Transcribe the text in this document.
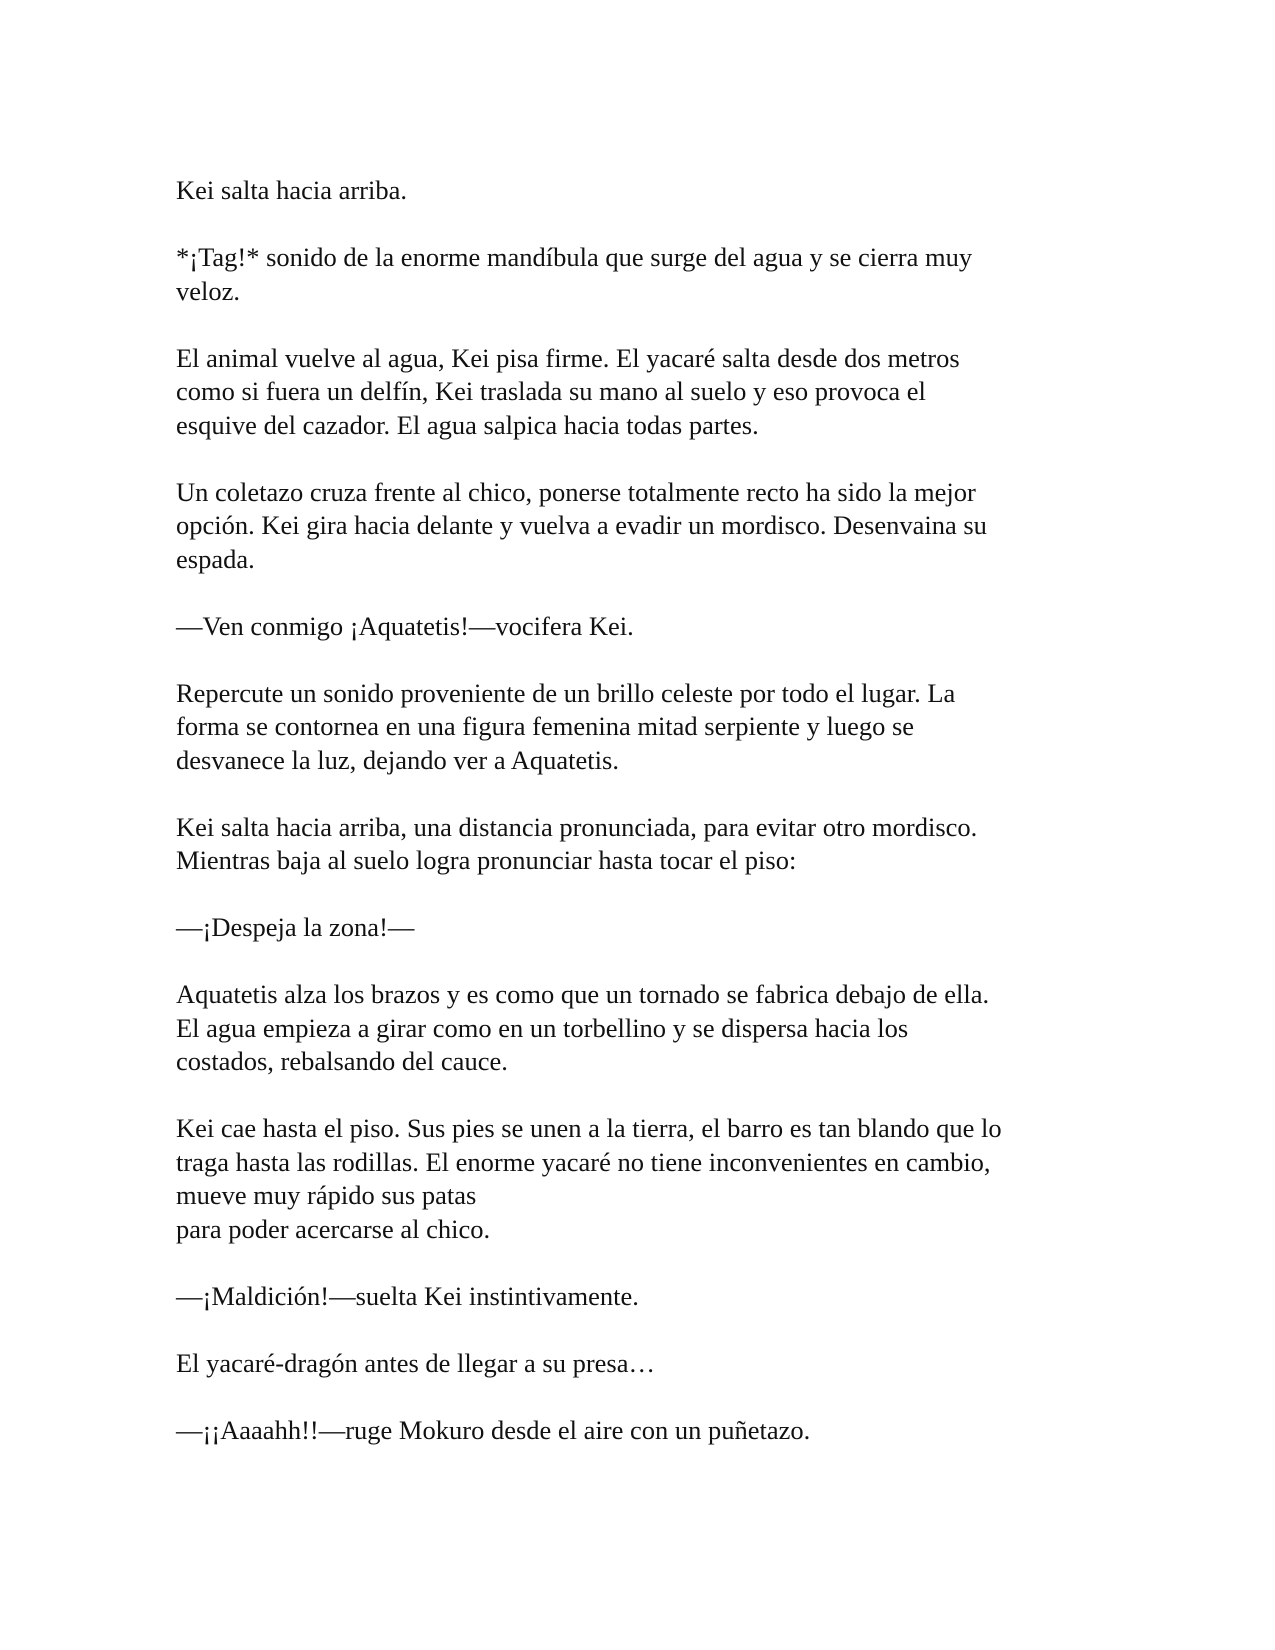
Kei salta hacia arriba.

*¡Tag!* sonido de la enorme mandíbula que surge del agua y se cierra muy
veloz.

El animal vuelve al agua, Kei pisa firme. El yacaré salta desde dos metros
como si fuera un delfín, Kei traslada su mano al suelo y eso provoca el
esquive del cazador. El agua salpica hacia todas partes.

Un coletazo cruza frente al chico, ponerse totalmente recto ha sido la mejor
opción. Kei gira hacia delante y vuelva a evadir un mordisco. Desenvaina su
espada.

—Ven conmigo ¡Aquatetis!—vocifera Kei.

Repercute un sonido proveniente de un brillo celeste por todo el lugar. La
forma se contornea en una figura femenina mitad serpiente y luego se
desvanece la luz, dejando ver a Aquatetis.

Kei salta hacia arriba, una distancia pronunciada, para evitar otro mordisco.
Mientras baja al suelo logra pronunciar hasta tocar el piso:

—¡Despeja la zona!—

Aquatetis alza los brazos y es como que un tornado se fabrica debajo de ella.
El agua empieza a girar como en un torbellino y se dispersa hacia los
costados, rebalsando del cauce.

Kei cae hasta el piso. Sus pies se unen a la tierra, el barro es tan blando que lo
traga hasta las rodillas. El enorme yacaré no tiene inconvenientes en cambio,
mueve muy rápido sus patas
para poder acercarse al chico.

—¡Maldición!—suelta Kei instintivamente.

El yacaré-dragón antes de llegar a su presa…

—¡¡Aaaahh!!—ruge Mokuro desde el aire con un puñetazo.
